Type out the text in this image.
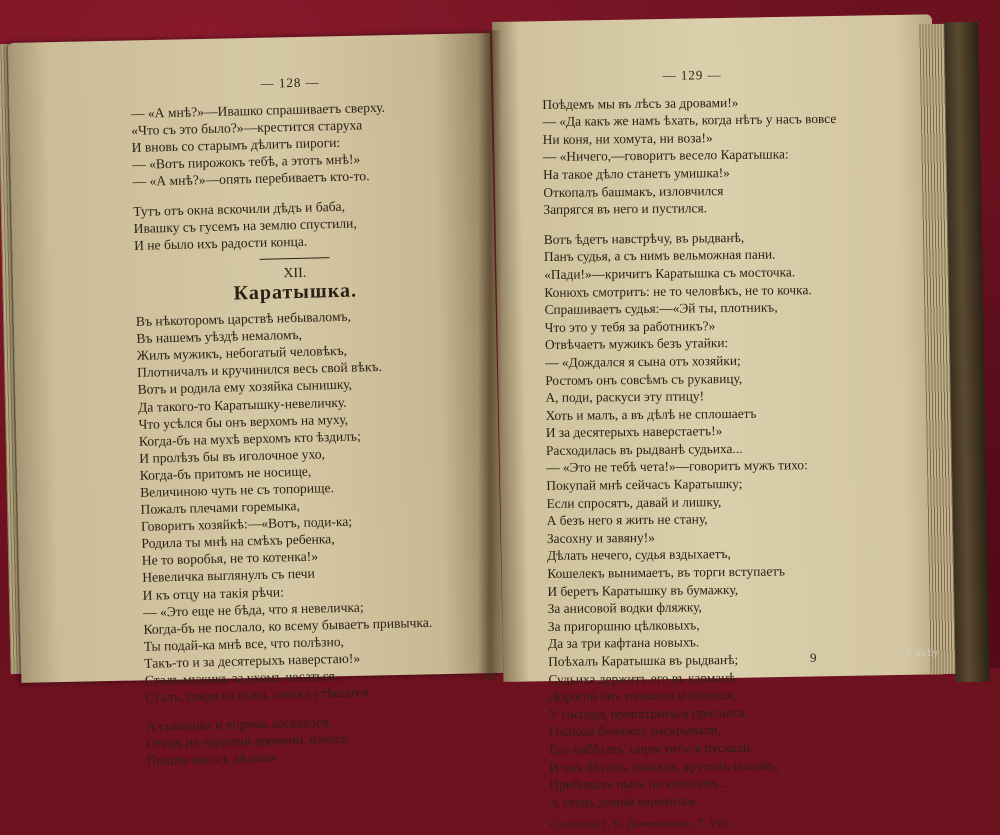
— 128 —
— «А мнѣ?»—Ивашко спрашиваетъ сверху.
«Что съ это было?»—крестится старуха
И вновь со старымъ дѣлитъ пироги:
— «Вотъ пирожокъ тебѣ, а этотъ мнѣ!»
— «А мнѣ?»—опять перебиваетъ кто-то.
Тутъ отъ окна вскочили дѣдъ и баба,
Ивашку съ гусемъ на землю спустили,
И не было ихъ радости конца.
XII.
Каратышка.
Въ нѣкоторомъ царствѣ небываломъ,
Въ нашемъ уѣздѣ немаломъ,
Жилъ мужикъ, небогатый человѣкъ,
Плотничалъ и кручинился весь свой вѣкъ.
Вотъ и родила ему хозяйка сынишку,
Да такого-то Каратышку-невеличку.
Что усѣлся бы онъ верхомъ на муху,
Когда-бъ на мухѣ верхомъ кто ѣздилъ;
И пролѣзъ бы въ иголочное ухо,
Когда-бъ притомъ не носище,
Величиною чуть не съ топорище.
Пожалъ плечами горемыка,
Говоритъ хозяйкѣ:—«Вотъ, поди-ка;
Родила ты мнѣ на смѣхъ ребенка,
Не то воробья, не то котенка!»
Невеличка выглянулъ съ печи
И къ отцу на такія рѣчи:
— «Это еще не бѣда, что я невеличка;
Когда-бъ не послало, ко всему бываетъ привычка.
Ты подай-ка мнѣ все, что полѣзно,
Такъ-то и за десятерыхъ наверстаю!»
Сталъ мужикъ за ухомъ чесаться,
Сталъ, глядя на сына, слегка утѣшатся.
А сынишка и впрямь догадался,
Отецъ не теряючи времени, взялся:
Пошли они съ дѣлами
— 129 —
Поѣдемъ мы въ лѣсъ за дровами!»
— «Да какъ же намъ ѣхать, когда нѣтъ у насъ вовсе
Ни коня, ни хомута, ни воза!»
— «Ничего,—говоритъ весело Каратышка:
На такое дѣло станетъ умишка!»
Откопалъ башмакъ, изловчился
Запрягся въ него и пустился.
Вотъ ѣдетъ навстрѣчу, въ рыдванѣ,
Панъ судья, а съ нимъ вельможная пани.
«Пади!»—кричитъ Каратышка съ мосточка.
Конюхъ смотритъ: не то человѣкъ, не то кочка.
Спрашиваетъ судья:—«Эй ты, плотникъ,
Что это у тебя за работникъ?»
Отвѣчаетъ мужикъ безъ утайки:
— «Дождался я сына отъ хозяйки;
Ростомъ онъ совсѣмъ съ рукавицу,
А, поди, раскуси эту птицу!
Хоть и малъ, а въ дѣлѣ не сплошаетъ
И за десятерыхъ наверстаетъ!»
Расходилась въ рыдванѣ судьиха...
— «Это не тебѣ чета!»—говоритъ мужъ тихо:
Покупай мнѣ сейчасъ Каратышку;
Если спросятъ, давай и лишку,
А безъ него я жить не стану,
Засохну и завяну!»
Дѣлать нечего, судья вздыхаетъ,
Кошелекъ вынимаетъ, въ торги вступаетъ
И беретъ Каратышку въ бумажку,
За анисовой водки фляжку,
За пригоршню цѣлковыхъ,
Да за три кафтана новыхъ.
Поѣхалъ Каратышка въ рыдванѣ;
Судьиха держитъ его въ карманѣ.
Дорогой онъ толкался и возился,
У господъ провѣтриться просился.
Господа бумажку раскрывали,
Его побѣгать, опроститься пускали;
И онъ бѣгалъ, скакалъ, крутилъ носомъ,
Прибивалъ пыль по колесамъ...
А отецъ домой воротился.
Сочиненія Г. П. Данилевскаго. Т. VIII.
9	© av.by
